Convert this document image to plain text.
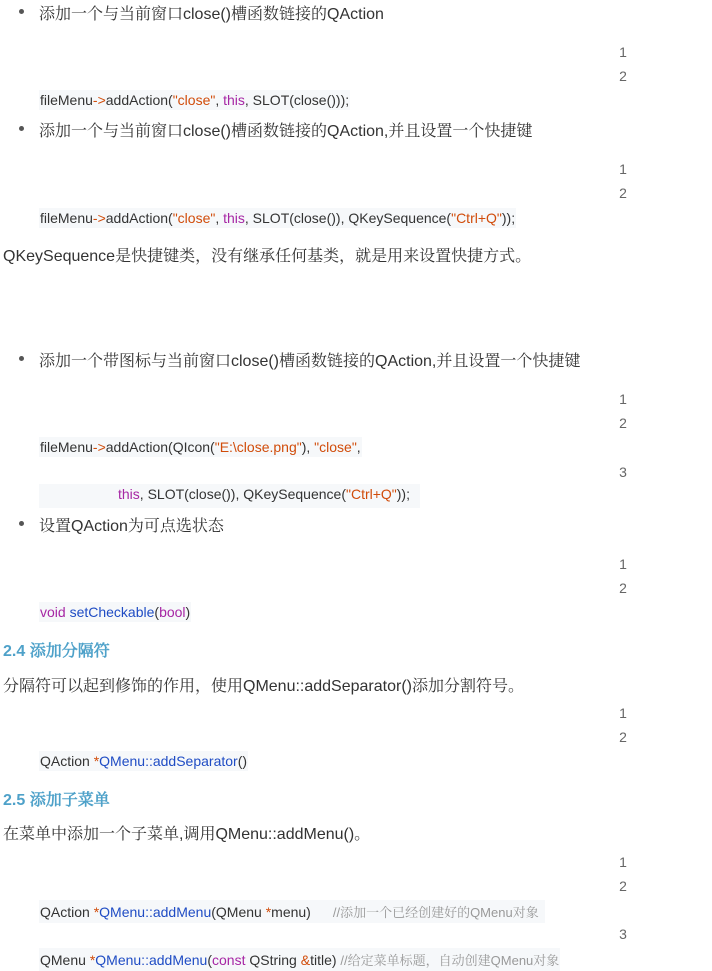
添加一个与当前窗口close()槽函数链接的QAction
1
2
fileMenu->addAction("close", this, SLOT(close()));
添加一个与当前窗口close()槽函数链接的QAction,并且设置一个快捷键
1
2
fileMenu->addAction("close", this, SLOT(close()), QKeySequence("Ctrl+Q"));
QKeySequence是快捷键类，没有继承任何基类，就是用来设置快捷方式。
添加一个带图标与当前窗口close()槽函数链接的QAction,并且设置一个快捷键
1
2
fileMenu->addAction(QIcon("E:\close.png"), "close",
3
this, SLOT(close()), QKeySequence("Ctrl+Q"));
设置QAction为可点选状态
1
2
void setCheckable(bool)
2.4 添加分隔符
分隔符可以起到修饰的作用，使用QMenu::addSeparator()添加分割符号。
1
2
QAction *QMenu::addSeparator()
2.5 添加子菜单
在菜单中添加一个子菜单,调用QMenu::addMenu()。
1
2
QAction *QMenu::addMenu(QMenu *menu) //添加一个已经创建好的QMenu对象
3
QMenu *QMenu::addMenu(const QString &title) //给定菜单标题，自动创建QMenu对象
